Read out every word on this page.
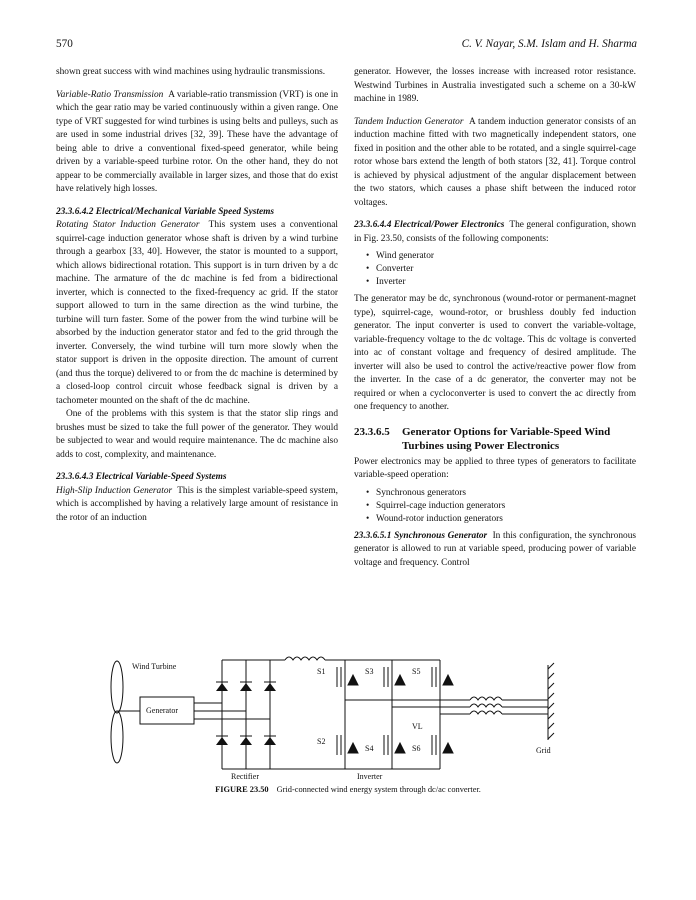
570	C. V. Nayar, S.M. Islam and H. Sharma

shown great success with wind machines using hydraulic transmissions.

Variable-Ratio Transmission A variable-ratio transmission (VRT) is one in which the gear ratio may be varied continuously within a given range. One type of VRT suggested for wind turbines is using belts and pulleys, such as are used in some industrial drives [32, 39]. These have the advantage of being able to drive a conventional fixed-speed generator, while being driven by a variable-speed turbine rotor. On the other hand, they do not appear to be commercially available in larger sizes, and those that do exist have relatively high losses.

23.3.6.4.2 Electrical/Mechanical Variable Speed Systems

Rotating Stator Induction Generator This system uses a conventional squirrel-cage induction generator whose shaft is driven by a wind turbine through a gearbox [33, 40]. However, the stator is mounted to a support, which allows bidirectional rotation. This support is in turn driven by a dc machine. The armature of the dc machine is fed from a bidirectional inverter, which is connected to the fixed-frequency ac grid. If the stator support allowed to turn in the same direction as the wind turbine, the turbine will turn faster. Some of the power from the wind turbine will be absorbed by the induction generator stator and fed to the grid through the inverter. Conversely, the wind turbine will turn more slowly when the stator support is driven in the opposite direction. The amount of current (and thus the torque) delivered to or from the dc machine is determined by a closed-loop control circuit whose feedback signal is driven by a tachometer mounted on the shaft of the dc machine.

One of the problems with this system is that the stator slip rings and brushes must be sized to take the full power of the generator. They would be subjected to wear and would require maintenance. The dc machine also adds to cost, complexity, and maintenance.

23.3.6.4.3 Electrical Variable-Speed Systems

High-Slip Induction Generator This is the simplest variable-speed system, which is accomplished by having a relatively large amount of resistance in the rotor of an induction

generator. However, the losses increase with increased rotor resistance. Westwind Turbines in Australia investigated such a scheme on a 30-kW machine in 1989.

Tandem Induction Generator A tandem induction generator consists of an induction machine fitted with two magnetically independent stators, one fixed in position and the other able to be rotated, and a single squirrel-cage rotor whose bars extend the length of both stators [32, 41]. Torque control is achieved by physical adjustment of the angular displacement between the two stators, which causes a phase shift between the induced rotor voltages.

23.3.6.4.4 Electrical/Power Electronics The general configuration, shown in Fig. 23.50, consists of the following components:

• Wind generator
• Converter
• Inverter

The generator may be dc, synchronous (wound-rotor or permanent-magnet type), squirrel-cage, wound-rotor, or brushless doubly fed induction generator. The input converter is used to convert the variable-voltage, variable-frequency voltage to the dc voltage. This dc voltage is converted into ac of constant voltage and frequency of desired amplitude. The inverter will also be used to control the active/reactive power flow from the inverter. In the case of a dc generator, the converter may not be required or when a cycloconverter is used to convert the ac directly from one frequency to another.

23.3.6.5 Generator Options for Variable-Speed Wind
Turbines using Power Electronics

Power electronics may be applied to three types of generators to facilitate variable-speed operation:

• Synchronous generators
• Squirrel-cage induction generators
• Wound-rotor induction generators

23.3.6.5.1 Synchronous Generator In this configuration, the synchronous generator is allowed to run at variable speed, producing power of variable voltage and frequency. Control

Wind Turbine
Generator
S1	S3	S5
S2
S4	S6
VL
Grid
Rectifier	Inverter
FIGURE 23.50 Grid-connected wind energy system through dc/ac converter.
